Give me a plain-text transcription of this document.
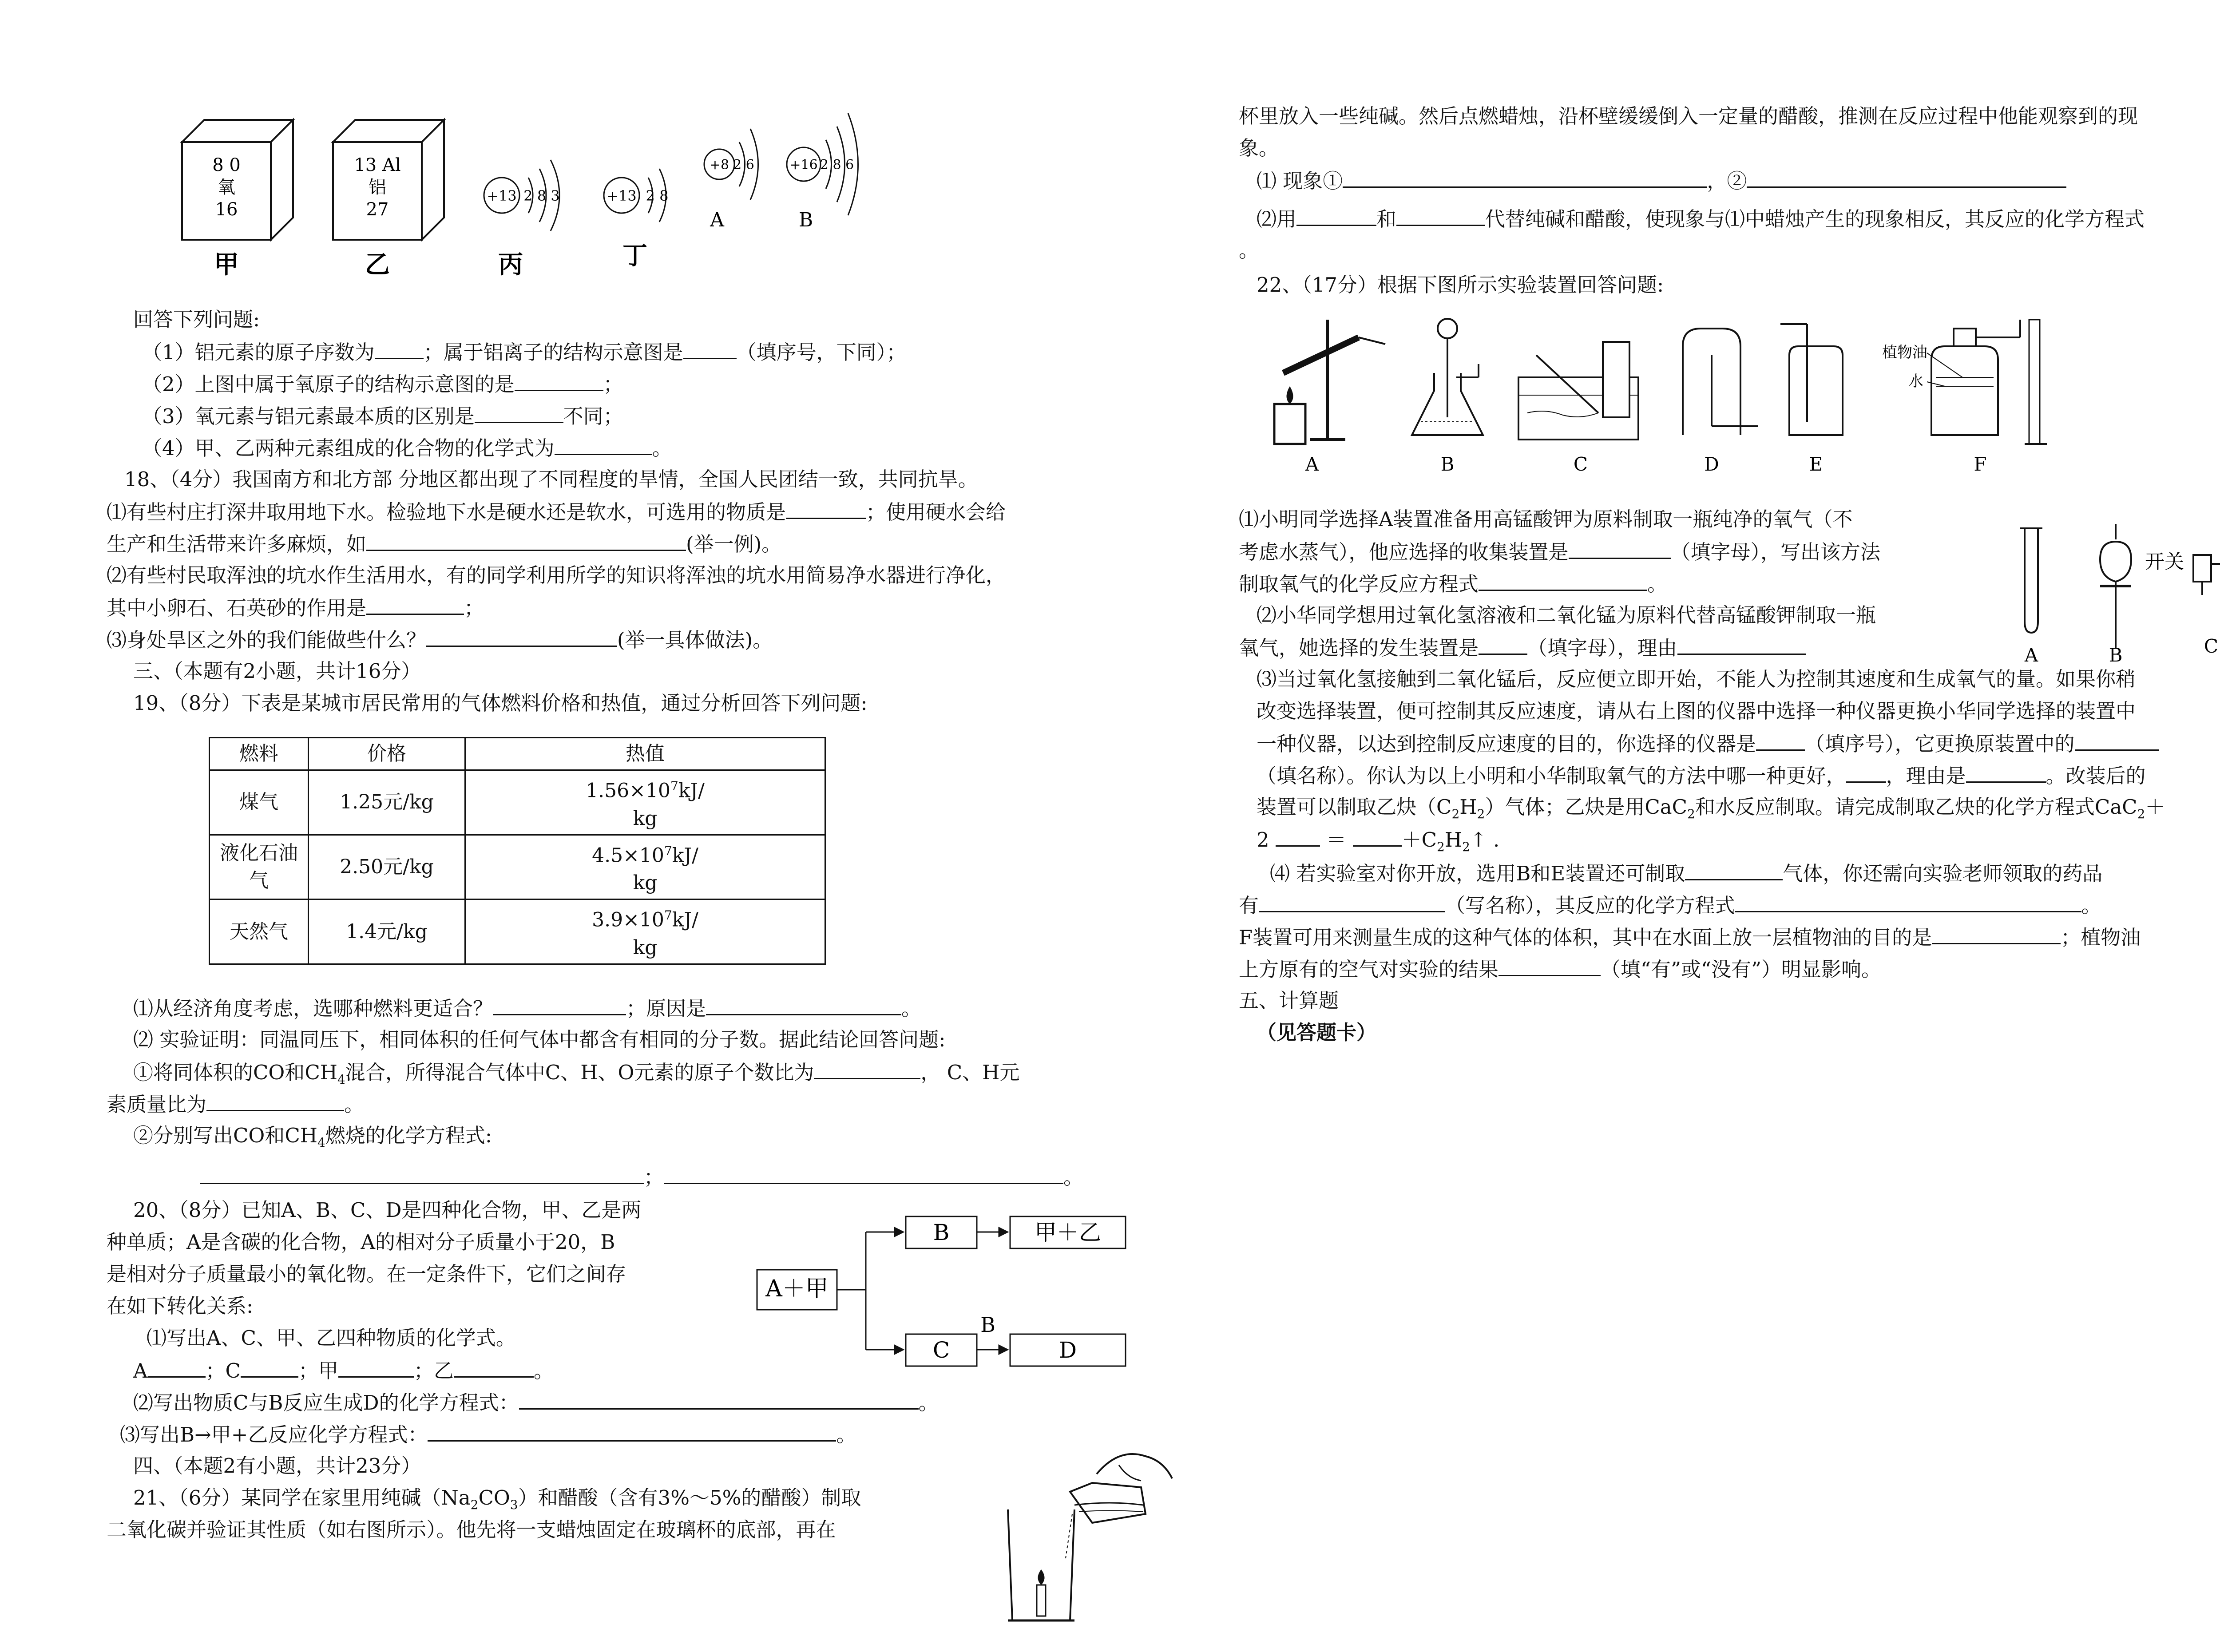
8 0
氧
16
甲
13 Al
铝
27
乙
+13 2 8 3
丙
+13 2 8
丁
+8 2 6
A
+16 2 8 6
B
回答下列问题:
（1）铝元素的原子序数为 ；属于铝离子的结构示意图是	（填序号，下同）；
（2）上图中属于氧原子的结构示意图的是	；
（3）氧元素与铝元素最本质的区别是	不同；
（4）甲、乙两种元素组成的化合物的化学式为	。
18、（4分）我国南方和北方部 分地区都出现了不同程度的旱情，全国人民团结一致，共同抗旱。
⑴有些村庄打深井取用地下水。检验地下水是硬水还是软水，可选用的物质是	；使用硬水会给
生产和生活带来许多麻烦，如	(举一例)。
⑵有些村民取浑浊的坑水作生活用水，有的同学利用所学的知识将浑浊的坑水用简易净水器进行净化，
其中小卵石、石英砂的作用是	；
⑶身处旱区之外的我们能做些什么？	(举一具体做法)。
三、（本题有2小题，共计16分）
19、（8分）下表是某城市居民常用的气体燃料价格和热值，通过分析回答下列问题:
燃料	价格	热值
煤气	1.25元/kg	$1.56\times 10^7kJ/$
kg
液化石油
气	2.50元/kg	$4.5\times 10^7kJ/$
kg
天然气	1.4元/kg	$3.9\times 10^7kJ/$
kg
⑴从经济角度考虑，选哪种燃料更适合？	；原因是	。
⑵ 实验证明：同温同压下，相同体积的任何气体中都含有相同的分子数。据此结论回答问题:
①将同体积的CO和$CH_4$混合，所得混合气体中C、H、O元素的原子个数比为	， C、H元
素质量比为	。
②分别写出CO和$CH_4$燃烧的化学方程式:
；	。
20、（8分）已知A、B、C、D是四种化合物，甲、乙是两
种单质；A是含碳的化合物，A的相对分子质量小于20，B
是相对分子质量最小的氧化物。在一定条件下，它们之间存
在如下转化关系:
A＋甲
B	甲＋乙
C
B
D
⑴写出A、C、甲、乙四种物质的化学式。
A	；C	；甲	；乙	。
⑵写出物质C与B反应生成D的化学方程式：	。
⑶写出B→甲+乙反应化学方程式：	。
四、（本题2有小题，共计23分）
21、（6分）某同学在家里用纯碱$(Na_2CO_3)$和醋酸（含有3%～5%的醋酸）制取
二氧化碳并验证其性质（如右图所示）。他先将一支蜡烛固定在玻璃杯的底部，再在
杯里放入一些纯碱。然后点燃蜡烛，沿杯壁缓缓倒入一定量的醋酸，推测在反应过程中他能观察到的现
象。
⑴ 现象①	，②
⑵用	和	代替纯碱和醋酸，使现象与⑴中蜡烛产生的现象相反，其反应的化学方程式
。
22、（17分）根据下图所示实验装置回答问题:
A	B	C	D	E
植物油
水
F
⑴小明同学选择A装置准备用高锰酸钾为原料制取一瓶纯净的氧气（不
考虑水蒸气），他应选择的收集装置是	（填字母），写出该方法
制取氧气的化学反应方程式	。
⑵小华同学想用过氧化氢溶液和二氧化锰为原料代替高锰酸钾制取一瓶
氧气，她选择的发生装置是 （填字母），理由	A	B
开关
C
⑶当过氧化氢接触到二氧化锰后，反应便立即开始，不能人为控制其速度和生成氧气的量。如果你稍
改变选择装置，便可控制其反应速度，请从右上图的仪器中选择一种仪器更换小华同学选择的装置中
一种仪器，以达到控制反应速度的目的，你选择的仪器是 （填序号），它更换原装置中的
（填名称）。你认为以上小明和小华制取氧气的方法中哪一种更好， ，理由是	。改装后的
装置可以制取乙炔$(C_2H_2)$气体；乙炔是用CaC$_2$和水反应制取。请完成制取乙炔的化学方程式CaC$_2$＋
2	＝	$+C_2H_2↑$ .
⑷ 若实验室对你开放，选用B和E装置还可制取	气体，你还需向实验老师领取的药品
有	（写名称），其反应的化学方程式	。
F装置可用来测量生成的这种气体的体积，其中在水面上放一层植物油的目的是	；植物油
上方原有的空气对实验的结果	（填“有”或“没有”）明显影响。
五、计算题
（见答题卡）
